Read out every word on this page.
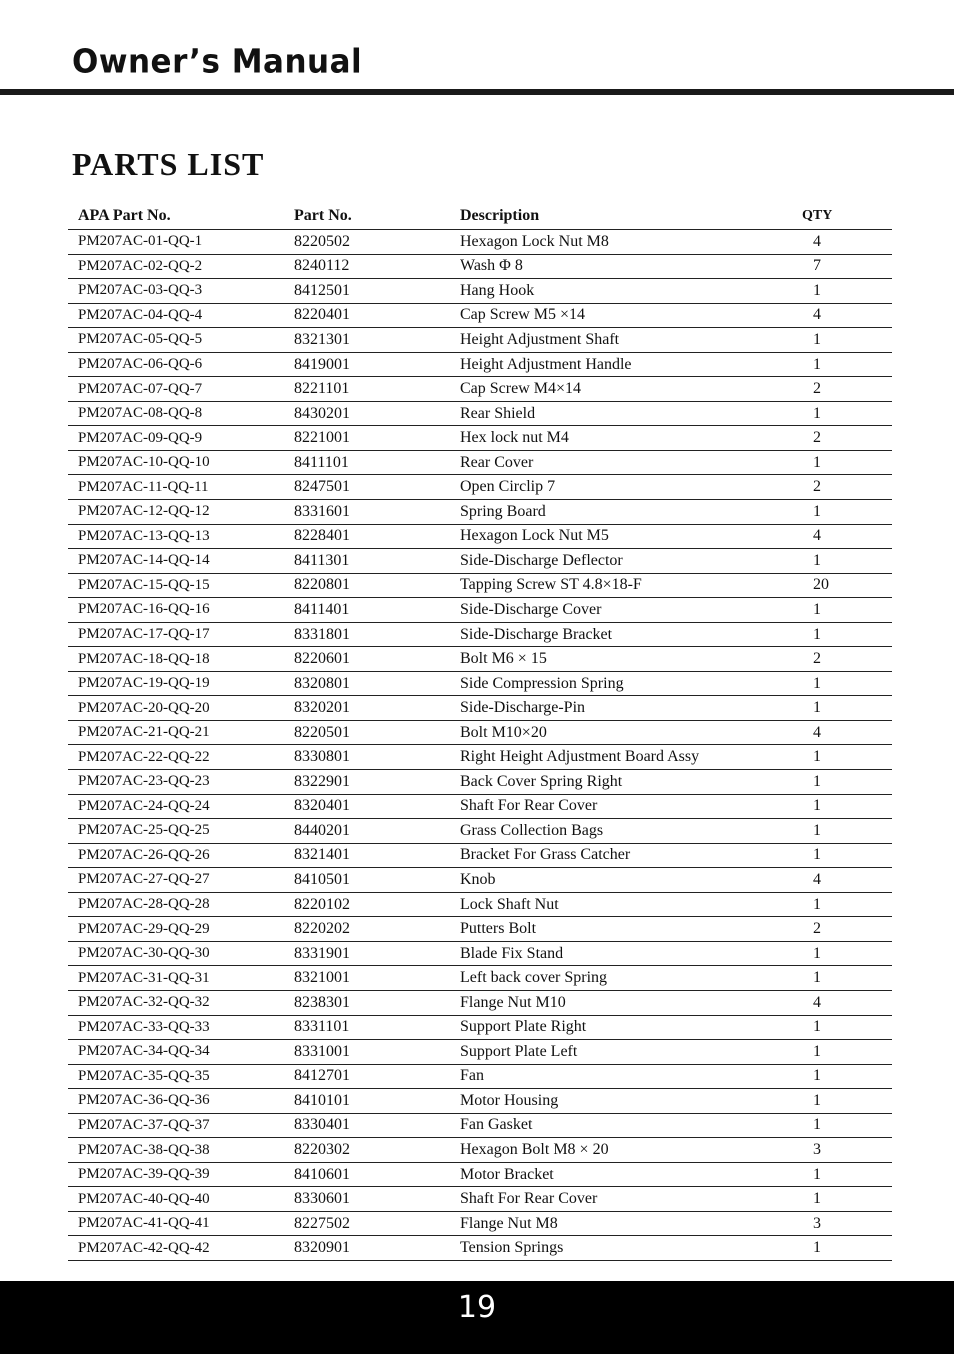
Owner’s Manual
PARTS LIST
APA Part No.	Part No.	Description	QTY
PM207AC-01-QQ-1	8220502	Hexagon Lock Nut M8	4
PM207AC-02-QQ-2	8240112	Wash Φ 8	7
PM207AC-03-QQ-3	8412501	Hang Hook	1
PM207AC-04-QQ-4	8220401	Cap Screw M5 ×14	4
PM207AC-05-QQ-5	8321301	Height Adjustment Shaft	1
PM207AC-06-QQ-6	8419001	Height Adjustment Handle	1
PM207AC-07-QQ-7	8221101	Cap Screw M4×14	2
PM207AC-08-QQ-8	8430201	Rear Shield	1
PM207AC-09-QQ-9	8221001	Hex lock nut M4	2
PM207AC-10-QQ-10	8411101	Rear Cover	1
PM207AC-11-QQ-11	8247501	Open Circlip 7	2
PM207AC-12-QQ-12	8331601	Spring Board	1
PM207AC-13-QQ-13	8228401	Hexagon Lock Nut M5	4
PM207AC-14-QQ-14	8411301	Side-Discharge Deflector	1
PM207AC-15-QQ-15	8220801	Tapping Screw ST 4.8×18-F	20
PM207AC-16-QQ-16	8411401	Side-Discharge Cover	1
PM207AC-17-QQ-17	8331801	Side-Discharge Bracket	1
PM207AC-18-QQ-18	8220601	Bolt M6 × 15	2
PM207AC-19-QQ-19	8320801	Side Compression Spring	1
PM207AC-20-QQ-20	8320201	Side-Discharge-Pin	1
PM207AC-21-QQ-21	8220501	Bolt M10×20	4
PM207AC-22-QQ-22	8330801	Right Height Adjustment Board Assy	1
PM207AC-23-QQ-23	8322901	Back Cover Spring Right	1
PM207AC-24-QQ-24	8320401	Shaft For Rear Cover	1
PM207AC-25-QQ-25	8440201	Grass Collection Bags	1
PM207AC-26-QQ-26	8321401	Bracket For Grass Catcher	1
PM207AC-27-QQ-27	8410501	Knob	4
PM207AC-28-QQ-28	8220102	Lock Shaft Nut	1
PM207AC-29-QQ-29	8220202	Putters Bolt	2
PM207AC-30-QQ-30	8331901	Blade Fix Stand	1
PM207AC-31-QQ-31	8321001	Left back cover Spring	1
PM207AC-32-QQ-32	8238301	Flange Nut M10	4
PM207AC-33-QQ-33	8331101	Support Plate Right	1
PM207AC-34-QQ-34	8331001	Support Plate Left	1
PM207AC-35-QQ-35	8412701	Fan	1
PM207AC-36-QQ-36	8410101	Motor Housing	1
PM207AC-37-QQ-37	8330401	Fan Gasket	1
PM207AC-38-QQ-38	8220302	Hexagon Bolt M8 × 20	3
PM207AC-39-QQ-39	8410601	Motor Bracket	1
PM207AC-40-QQ-40	8330601	Shaft For Rear Cover	1
PM207AC-41-QQ-41	8227502	Flange Nut M8	3
PM207AC-42-QQ-42	8320901	Tension Springs	1
19
